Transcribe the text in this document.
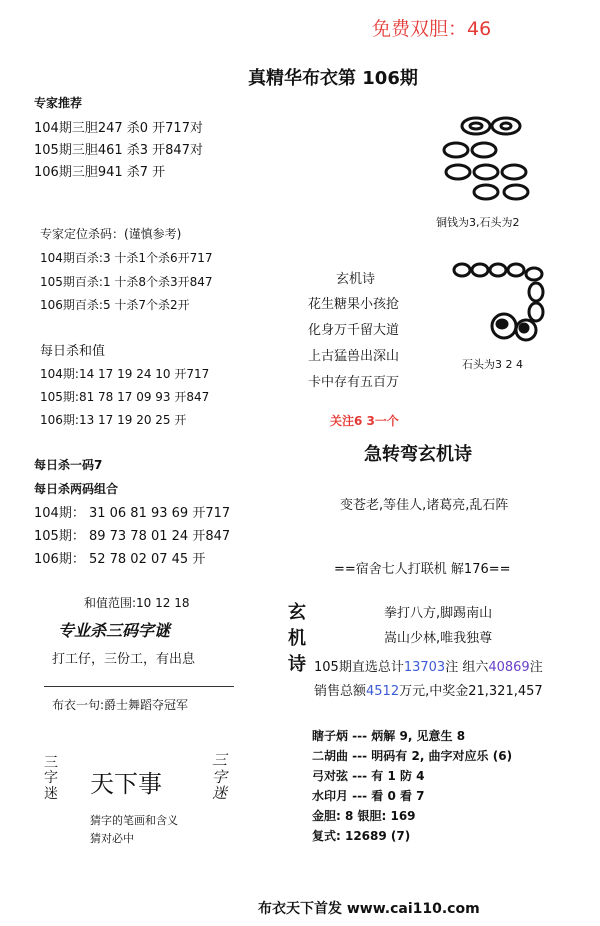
免费双胆：46
真精华布衣第 106期
专家推荐
104期三胆247 杀0 开717对
105期三胆461 杀3 开847对
106期三胆941 杀7 开
专家定位杀码：(谨慎参考)
104期百杀:3 十杀1个杀6开717
105期百杀:1 十杀8个杀3开847
106期百杀:5 十杀7个杀2开
每日杀和值
104期:14 17 19 24 10 开717
105期:81 78 17 09 93 开847
106期:13 17 19 20 25 开
每日杀一码7
每日杀两码组合
104期： 31 06 81 93 69 开717
105期： 89 73 78 01 24 开847
106期： 52 78 02 07 45 开
和值范围:10 12 18
专业杀三码字谜
打工仔，三份工，有出息
布衣一句:爵士舞蹈夺冠军
三
字
迷 天下事
三
字
迷
猜字的笔画和含义
猜对必中
铜钱为3,石头为2
石头为3 2 4
玄机诗
花生糖果小孩抢
化身万千留大道
上古猛兽出深山
卡中存有五百万
关注6 3一个
急转弯玄机诗
变苍老,等佳人,诸葛亮,乱石阵
==宿舍七人打联机 解176==
玄
机
诗
拳打八方,脚踢南山
嵩山少林,唯我独尊
105期直选总计13703注 组六40869注
销售总额4512万元,中奖金21,321,457
瞎子炳 --- 炳解 9, 见意生 8
二胡曲 --- 明码有 2, 曲字对应乐 (6)
弓对弦 --- 有 1 防 4
水印月 --- 看 0 看 7
金胆: 8 银胆: 169
复式: 12689 (7)
布衣天下首发 www.cai110.com
